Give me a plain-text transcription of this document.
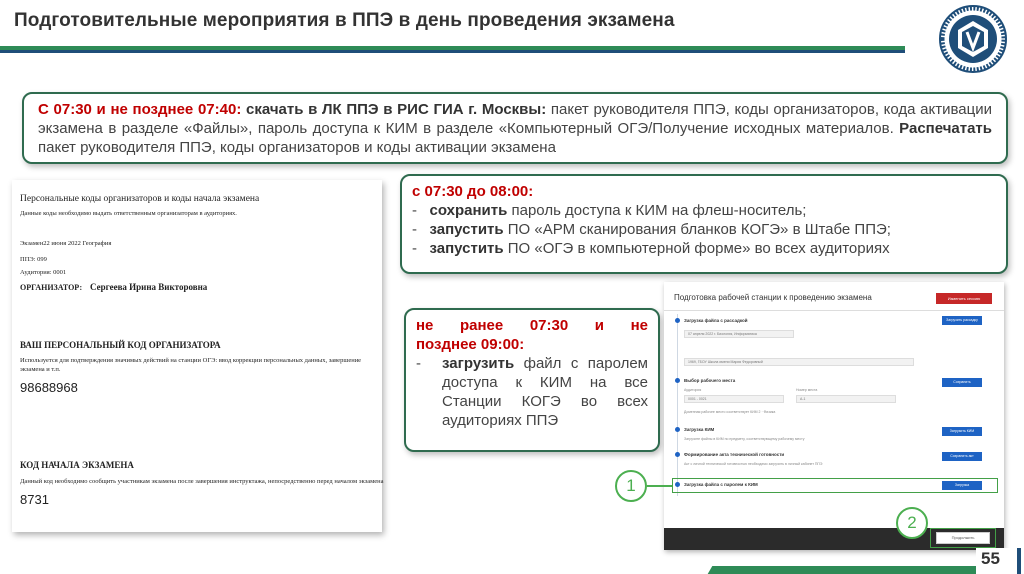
Подготовительные мероприятия в ППЭ в день проведения экзамена
С 07:30 и не позднее 07:40: скачать в ЛК ППЭ в РИС ГИА г. Москвы: пакет руководителя ППЭ, коды организаторов, кода активации экзамена в разделе «Файлы», пароль доступа к КИМ в разделе «Компьютерный ОГЭ/Получение исходных материалов. Распечатать пакет руководителя ППЭ, коды организаторов и коды активации экзамена
Персональные коды организаторов и коды начала экзамена
Данные коды необходимо выдать ответственным организаторам в аудиториях.
Экзамен22 июня 2022 География
ППЭ: 099
Аудитория: 0001
ОРГАНИЗАТОР: Сергеева Ирина Викторовна
ВАШ ПЕРСОНАЛЬНЫЙ КОД ОРГАНИЗАТОРА
Используется для подтверждения значимых действий на станции ОГЭ: ввод коррекции персональных данных, завершение экзамена и т.п.
98688968
КОД НАЧАЛА ЭКЗАМЕНА
Данный код необходимо сообщить участникам экзамена после завершения инструктажа, непосредственно перед началом экзамена
8731
с 07:30 до 08:00:
-   сохранить пароль доступа к КИМ на флеш-носитель;
-   запустить ПО «АРМ сканирования бланков КОГЭ» в Штабе ППЭ;
-   запустить ПО «ОГЭ в компьютерной форме» во всех аудиториях
не ранее 07:30 и не
позднее 09:00:
-	загрузить файл с паролем доступа к КИМ на все Станции КОГЭ во всех аудиториях ППЭ
Подготовка рабочей станции к проведению экзамена	Изменить сессию
Загрузка файла с рассадкой	Загрузить рассадку
07 апреля 2022 г. Биология, Информатика
1969, ГБОУ Школа имени Мария Федоровный
Выбор рабочего места	Сохранить
Аудитория	Номер места
0001 - 0021	А-1
Доменная рабочее место соответствует КИМ 2 · Физика
Загрузка КИМ	Загрузить КИМ
Загрузите файлы в КИМ по предмету, соответствующему рабочему месту
Формирование акта технической готовности	Сохранить акт
Акт с личной технической готовностью необходимо загрузить в личный кабинет ППЭ
Загрузка файла с паролем к КИМ	Загрузка
Продолжить
1
2
55
